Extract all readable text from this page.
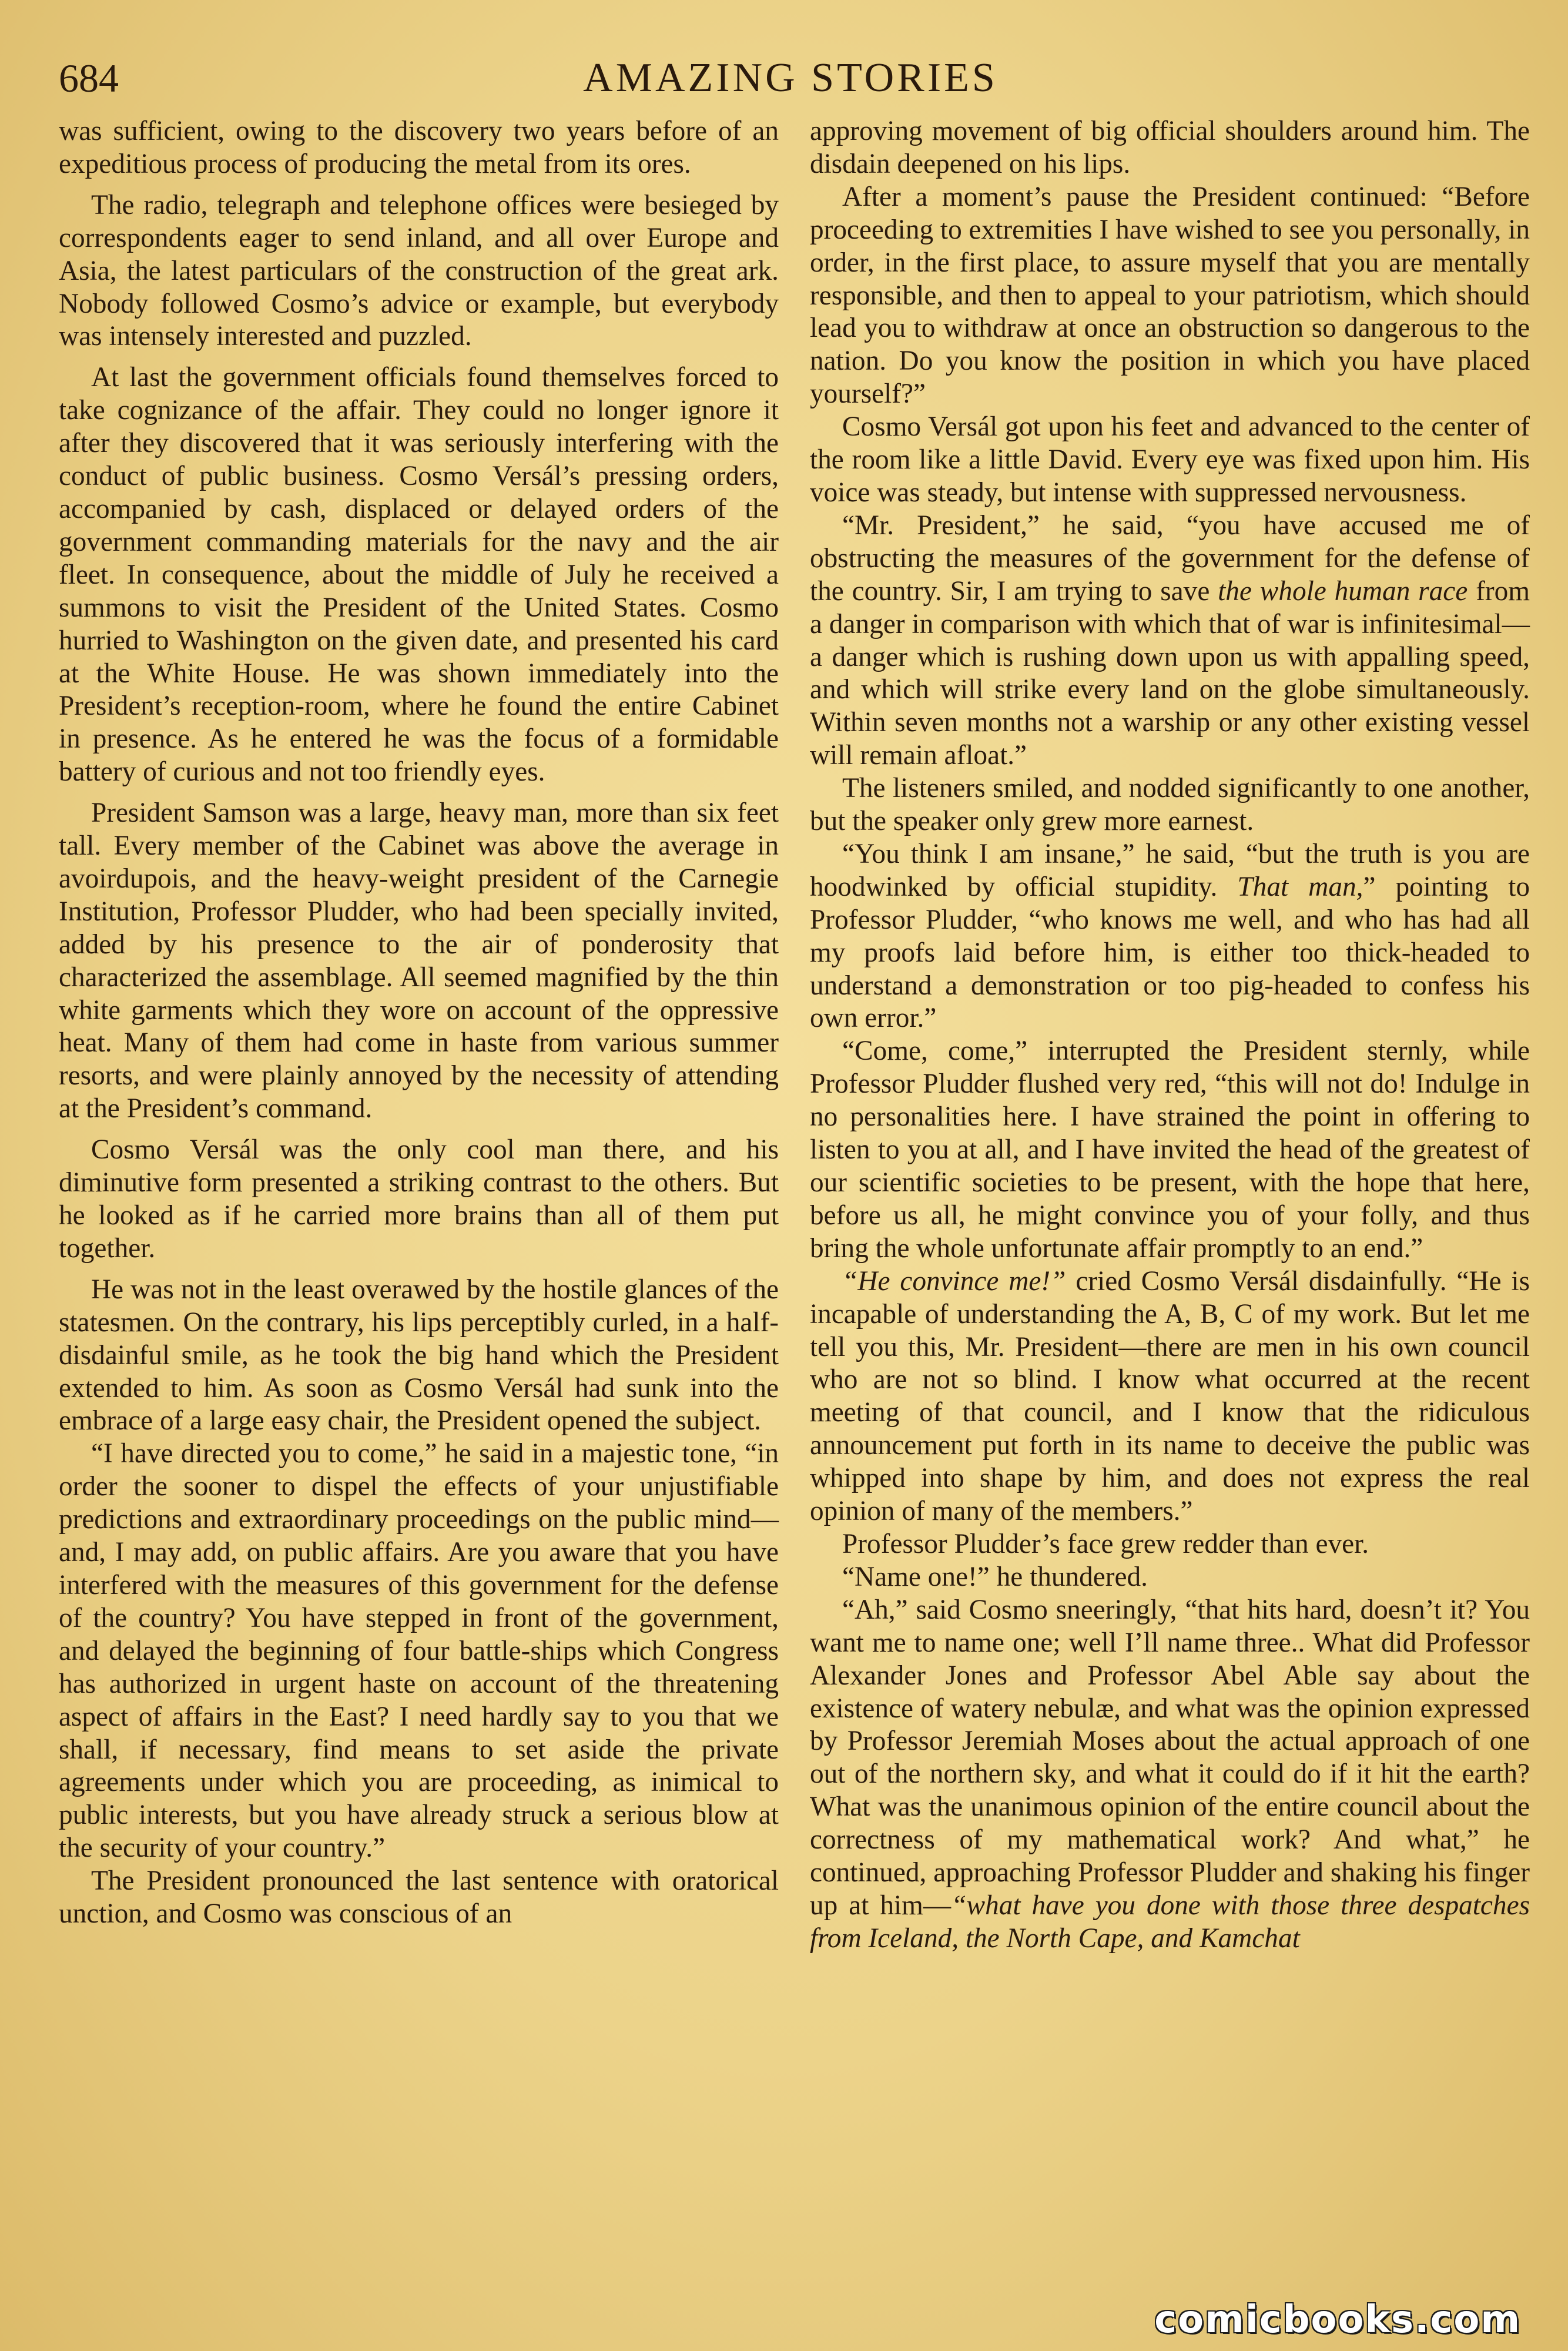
684	AMAZING STORIES

was sufficient, owing to the discovery two years before of an expeditious process of producing the metal from its ores.

The radio, telegraph and telephone offices were besieged by correspondents eager to send inland, and all over Europe and Asia, the latest particulars of the construction of the great ark. Nobody followed Cosmo’s advice or example, but everybody was intensely interested and puzzled.

At last the government officials found themselves forced to take cognizance of the affair. They could no longer ignore it after they discovered that it was seriously interfering with the conduct of public business. Cosmo Versál’s pressing orders, accompanied by cash, displaced or delayed orders of the government commanding materials for the navy and the air fleet. In consequence, about the middle of July he received a summons to visit the President of the United States. Cosmo hurried to Washington on the given date, and presented his card at the White House. He was shown immediately into the President’s reception-room, where he found the entire Cabinet in presence. As he entered he was the focus of a formidable battery of curious and not too friendly eyes.

President Samson was a large, heavy man, more than six feet tall. Every member of the Cabinet was above the average in avoirdupois, and the heavy-weight president of the Carnegie Institution, Professor Pludder, who had been specially invited, added by his presence to the air of ponderosity that characterized the assemblage. All seemed magnified by the thin white garments which they wore on account of the oppressive heat. Many of them had come in haste from various summer resorts, and were plainly annoyed by the necessity of attending at the President’s command.

Cosmo Versál was the only cool man there, and his diminutive form presented a striking contrast to the others. But he looked as if he carried more brains than all of them put together.

He was not in the least overawed by the hostile glances of the statesmen. On the contrary, his lips perceptibly curled, in a half-disdainful smile, as he took the big hand which the President extended to him. As soon as Cosmo Versál had sunk into the embrace of a large easy chair, the President opened the subject.

“I have directed you to come,” he said in a majestic tone, “in order the sooner to dispel the effects of your unjustifiable predictions and extraordinary proceedings on the public mind—and, I may add, on public affairs. Are you aware that you have interfered with the measures of this government for the defense of the country? You have stepped in front of the government, and delayed the beginning of four battle-ships which Congress has authorized in urgent haste on account of the threatening aspect of affairs in the East? I need hardly say to you that we shall, if necessary, find means to set aside the private agreements under which you are proceeding, as inimical to public interests, but you have already struck a serious blow at the security of your country.”

The President pronounced the last sentence with oratorical unction, and Cosmo was conscious of an

approving movement of big official shoulders around him. The disdain deepened on his lips.

After a moment’s pause the President continued: “Before proceeding to extremities I have wished to see you personally, in order, in the first place, to assure myself that you are mentally responsible, and then to appeal to your patriotism, which should lead you to withdraw at once an obstruction so dangerous to the nation. Do you know the position in which you have placed yourself?”

Cosmo Versál got upon his feet and advanced to the center of the room like a little David. Every eye was fixed upon him. His voice was steady, but intense with suppressed nervousness.

“Mr. President,” he said, “you have accused me of obstructing the measures of the government for the defense of the country. Sir, I am trying to save the whole human race from a danger in comparison with which that of war is infinitesimal—a danger which is rushing down upon us with appalling speed, and which will strike every land on the globe simultaneously. Within seven months not a warship or any other existing vessel will remain afloat.”

The listeners smiled, and nodded significantly to one another, but the speaker only grew more earnest.

“You think I am insane,” he said, “but the truth is you are hoodwinked by official stupidity. That man,” pointing to Professor Pludder, “who knows me well, and who has had all my proofs laid before him, is either too thick-headed to understand a demonstration or too pig-headed to confess his own error.”

“Come, come,” interrupted the President sternly, while Professor Pludder flushed very red, “this will not do! Indulge in no personalities here. I have strained the point in offering to listen to you at all, and I have invited the head of the greatest of our scientific societies to be present, with the hope that here, before us all, he might convince you of your folly, and thus bring the whole unfortunate affair promptly to an end.”

“He convince me!” cried Cosmo Versál disdainfully. “He is incapable of understanding the A, B, C of my work. But let me tell you this, Mr. President—there are men in his own council who are not so blind. I know what occurred at the recent meeting of that council, and I know that the ridiculous announcement put forth in its name to deceive the public was whipped into shape by him, and does not express the real opinion of many of the members.”

Professor Pludder’s face grew redder than ever.

“Name one!” he thundered.

“Ah,” said Cosmo sneeringly, “that hits hard, doesn’t it? You want me to name one; well I’ll name three.. What did Professor Alexander Jones and Professor Abel Able say about the existence of watery nebulæ, and what was the opinion expressed by Professor Jeremiah Moses about the actual approach of one out of the northern sky, and what it could do if it hit the earth? What was the unanimous opinion of the entire council about the correctness of my mathematical work? And what,” he continued, approaching Professor Pludder and shaking his finger up at him—“what have you done with those three despatches from Iceland, the North Cape, and Kamchat

comicbooks.com
